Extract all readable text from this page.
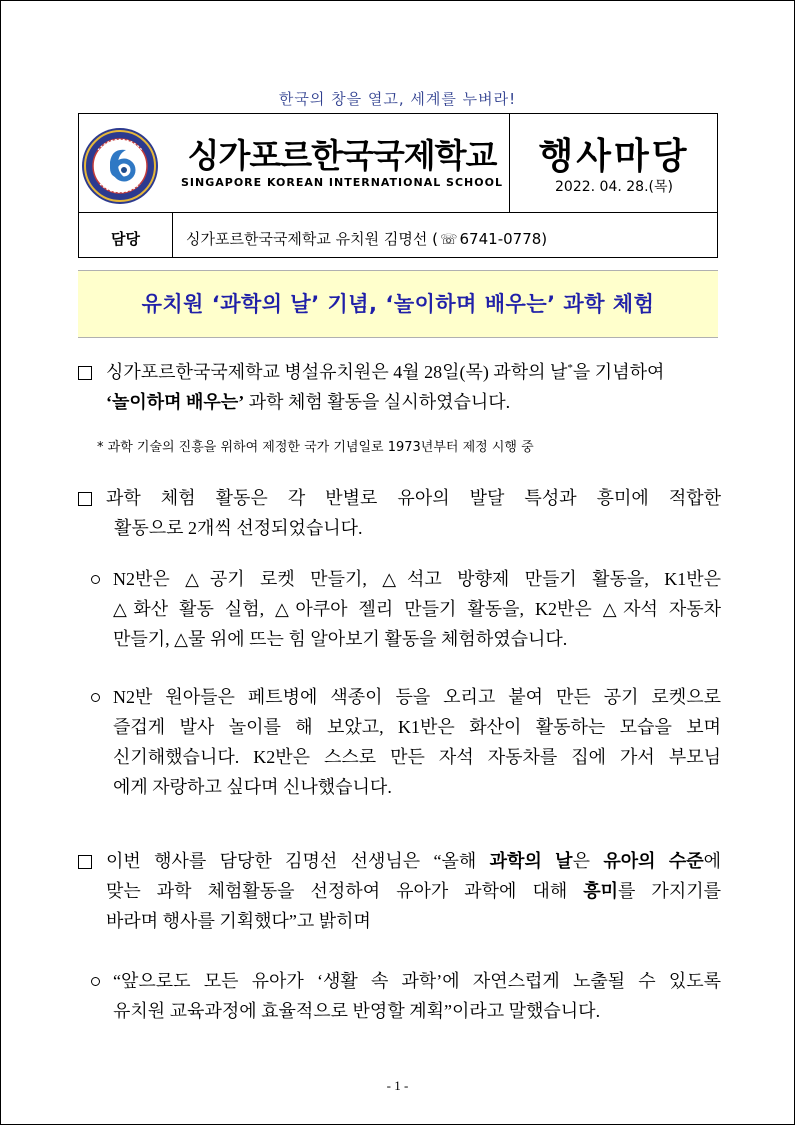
한국의 창을 열고, 세계를 누벼라!
싱가포르한국국제학교
SINGAPORE KOREAN INTERNATIONAL SCHOOL
행사마당
2022. 04. 28.(목)
담당	싱가포르한국국제학교 유치원 김명선 ( ☏ 6741-0778)
유치원 ‘과학의 날’ 기념, ‘놀이하며 배우는’ 과학 체험
싱가포르한국국제학교 병설유치원은 4월 28일(목) 과학의 날*을 기념하여
‘놀이하며 배우는’ 과학 체험 활동을 실시하였습니다.
* 과학 기술의 진흥을 위하여 제정한 국가 기념일로 1973년부터 제정 시행 중
과학 체험 활동은 각 반별로 유아의 발달 특성과 흥미에 적합한
활동으로 2개씩 선정되었습니다.
N2반은 △공기 로켓 만들기, △석고 방향제 만들기 활동을, K1반은
△화산 활동 실험, △아쿠아 젤리 만들기 활동을, K2반은 △자석 자동차
만들기, △물 위에 뜨는 힘 알아보기 활동을 체험하였습니다.
N2반 원아들은 페트병에 색종이 등을 오리고 붙여 만든 공기 로켓으로
즐겁게 발사 놀이를 해 보았고, K1반은 화산이 활동하는 모습을 보며
신기해했습니다. K2반은 스스로 만든 자석 자동차를 집에 가서 부모님
에게 자랑하고 싶다며 신나했습니다.
이번 행사를 담당한 김명선 선생님은 “올해 과학의 날은 유아의 수준에
맞는 과학 체험활동을 선정하여 유아가 과학에 대해 흥미를 가지기를
바라며 행사를 기획했다”고 밝히며
“앞으로도 모든 유아가 ‘생활 속 과학’에 자연스럽게 노출될 수 있도록
유치원 교육과정에 효율적으로 반영할 계획”이라고 말했습니다.
- 1 -
